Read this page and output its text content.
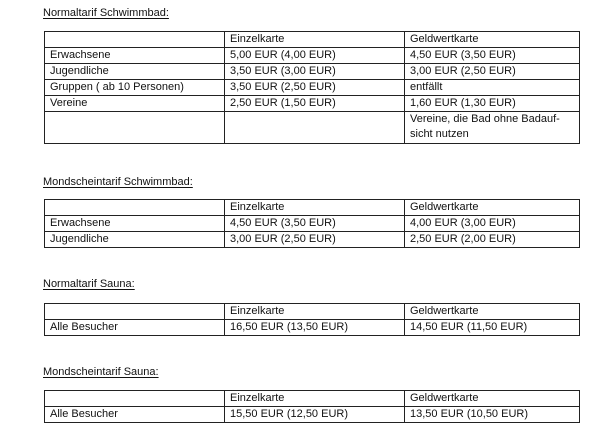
Normaltarif Schwimmbad:
	Einzelkarte	Geldwertkarte
Erwachsene	5,00 EUR (4,00 EUR)	4,50 EUR (3,50 EUR)
Jugendliche	3,50 EUR (3,00 EUR)	3,00 EUR (2,50 EUR)
Gruppen ( ab 10 Personen)	3,50 EUR (2,50 EUR)	entfällt
Vereine	2,50 EUR (1,50 EUR)	1,60 EUR (1,30 EUR)
		Vereine, die Bad ohne Badauf-sicht nutzen
Mondscheintarif Schwimmbad:
	Einzelkarte	Geldwertkarte
Erwachsene	4,50 EUR (3,50 EUR)	4,00 EUR (3,00 EUR)
Jugendliche	3,00 EUR (2,50 EUR)	2,50 EUR (2,00 EUR)
Normaltarif Sauna:
	Einzelkarte	Geldwertkarte
Alle Besucher	16,50 EUR (13,50 EUR)	14,50 EUR (11,50 EUR)
Mondscheintarif Sauna:
	Einzelkarte	Geldwertkarte
Alle Besucher	15,50 EUR (12,50 EUR)	13,50 EUR (10,50 EUR)
